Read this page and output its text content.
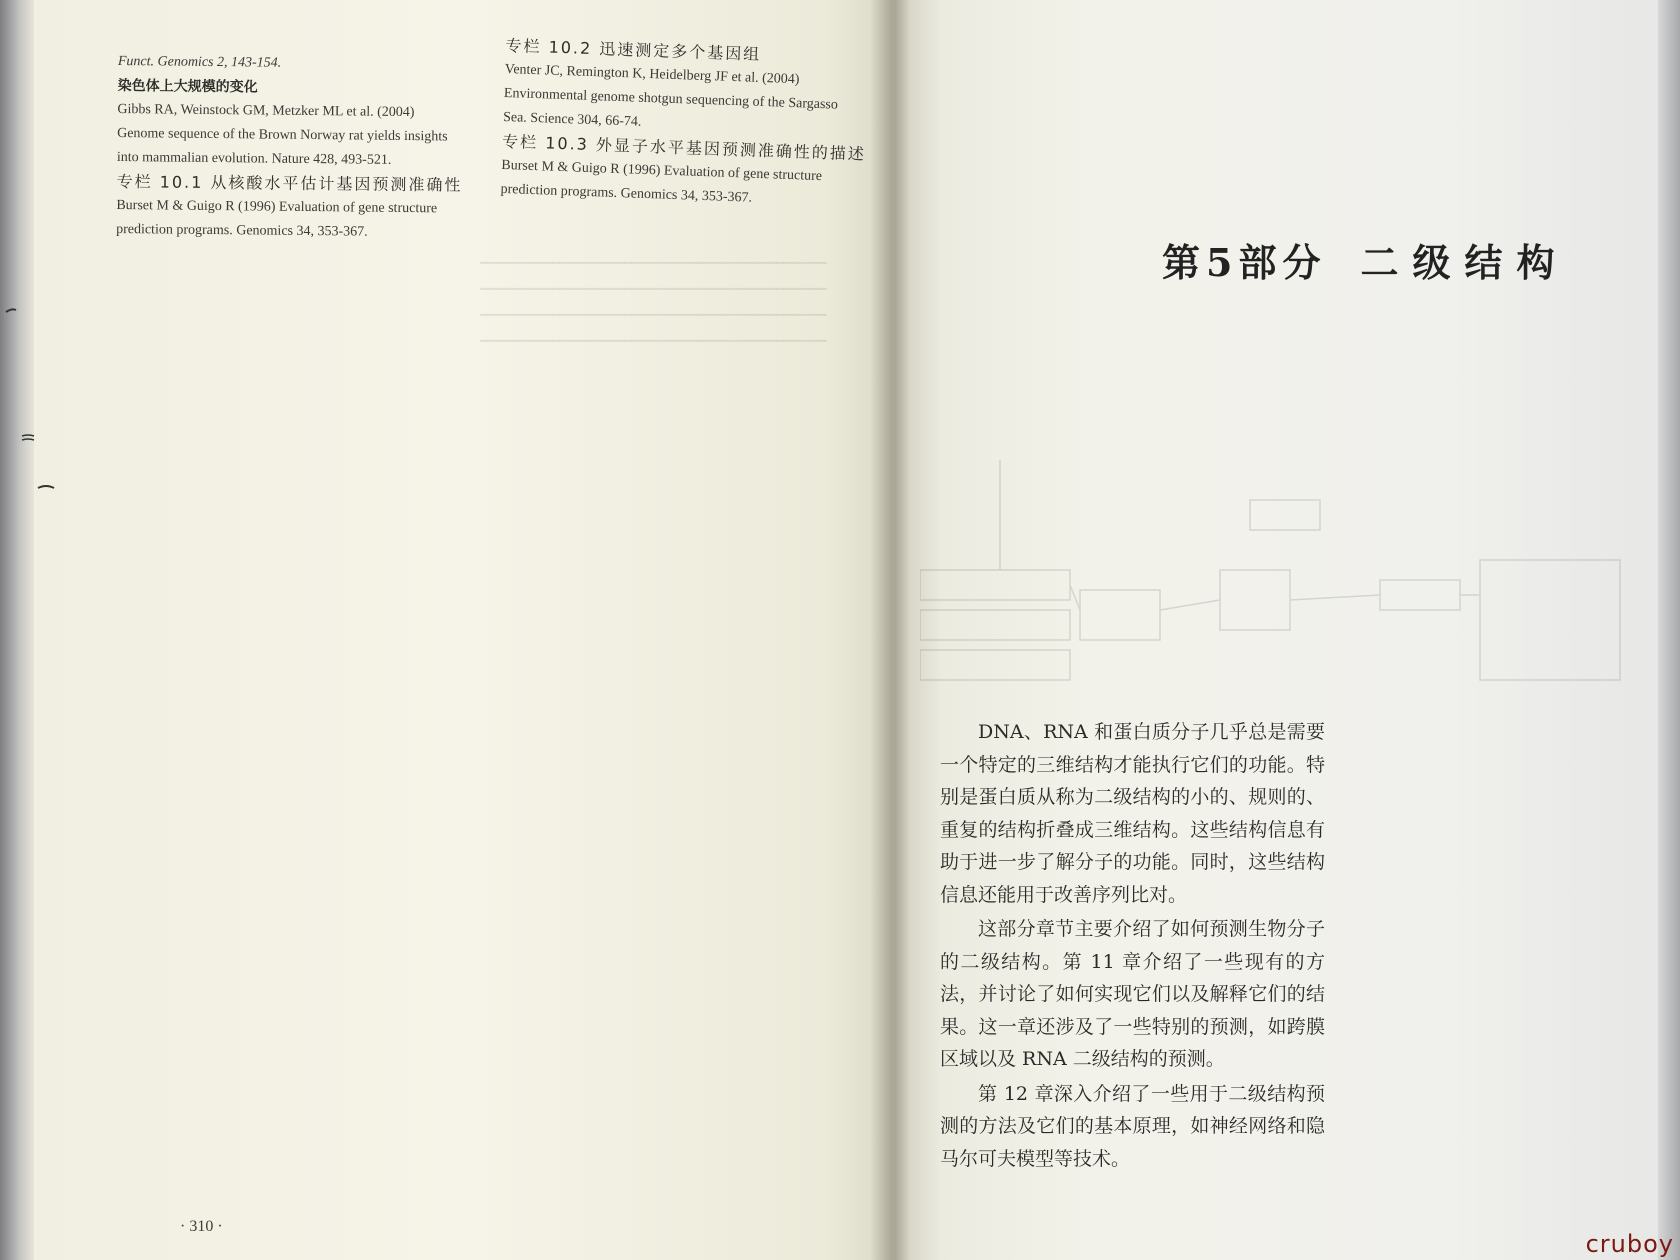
━━━━━━━━━━━━━━━━━━━━━━━━━━━━━━━━━━━━━━━━━━━━━━━━
━━━━━━━━━━━━━━━━━━━━━━━━━━━━━━━━━━━━━━━━━━━━━━━━
━━━━━━━━━━━━━━━━━━━━━━━━━━━━━━━━━━━━━━━━━━━━━━━━
━━━━━━━━━━━━━━━━━━━━━━━━━━━━━━━━━━━━━━━━━━━━━━━━
Funct. Genomics 2, 143-154.
染色体上大规模的变化
Gibbs RA, Weinstock GM, Metzker ML et al. (2004)
Genome sequence of the Brown Norway rat yields insights
into mammalian evolution. Nature 428, 493-521.
专栏 10.1 从核酸水平估计基因预测准确性
Burset M & Guigo R (1996) Evaluation of gene structure
prediction programs. Genomics 34, 353-367.
专栏 10.2 迅速测定多个基因组
Venter JC, Remington K, Heidelberg JF et al. (2004)
Environmental genome shotgun sequencing of the Sargasso
Sea. Science 304, 66-74.
专栏 10.3 外显子水平基因预测准确性的描述
Burset M & Guigo R (1996) Evaluation of gene structure
prediction programs. Genomics 34, 353-367.
· 310 ·
第5部分 二级结构

DNA、RNA 和蛋白质分子几乎总是需要一个特定的三维结构才能执行它们的功能。特别是蛋白质从称为二级结构的小的、规则的、重复的结构折叠成三维结构。这些结构信息有助于进一步了解分子的功能。同时，这些结构信息还能用于改善序列比对。

这部分章节主要介绍了如何预测生物分子的二级结构。第 11 章介绍了一些现有的方法，并讨论了如何实现它们以及解释它们的结果。这一章还涉及了一些特别的预测，如跨膜区域以及 RNA 二级结构的预测。

第 12 章深入介绍了一些用于二级结构预测的方法及它们的基本原理，如神经网络和隐马尔可夫模型等技术。

cruboy
